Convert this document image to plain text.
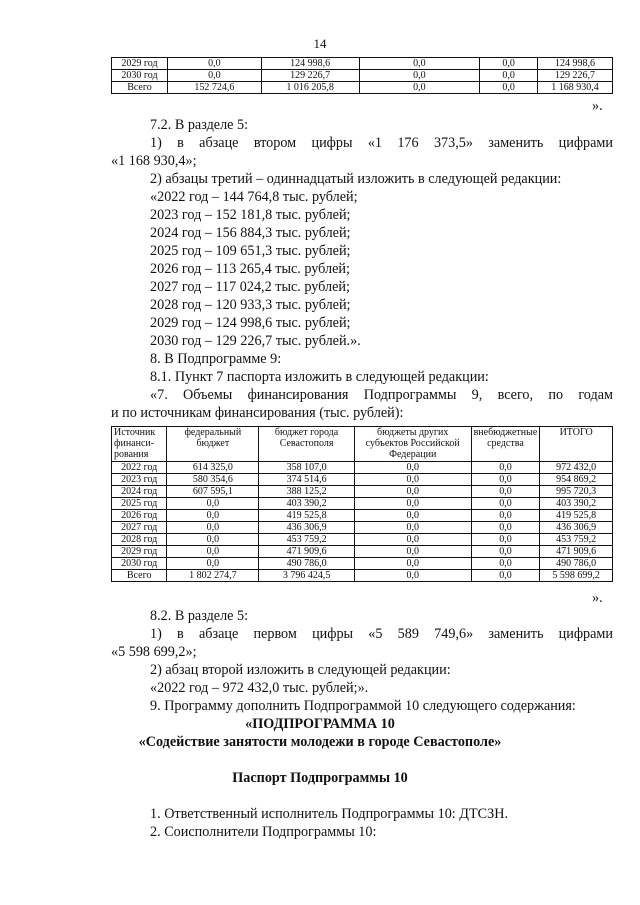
14
2029 год	0,0	124 998,6	0,0	0,0	124 998,6
2030 год	0,0	129 226,7	0,0	0,0	129 226,7
Всего	152 724,6	1 016 205,8	0,0	0,0	1 168 930,4
».
7.2. В разделе 5:
1) в абзаце втором цифры «1 176 373,5» заменить цифрами
«1 168 930,4»;
2) абзацы третий – одиннадцатый изложить в следующей редакции:
«2022 год – 144 764,8 тыс. рублей;
2023 год – 152 181,8 тыс. рублей;
2024 год – 156 884,3 тыс. рублей;
2025 год – 109 651,3 тыс. рублей;
2026 год – 113 265,4 тыс. рублей;
2027 год – 117 024,2 тыс. рублей;
2028 год – 120 933,3 тыс. рублей;
2029 год – 124 998,6 тыс. рублей;
2030 год – 129 226,7 тыс. рублей.».
8. В Подпрограмме 9:
8.1. Пункт 7 паспорта изложить в следующей редакции:
«7. Объемы финансирования Подпрограммы 9, всего, по годам
и по источникам финансирования (тыс. рублей):
Источник финанси- рования	федеральный бюджет	бюджет города Севастополя	бюджеты других субъектов Российской Федерации	внебюджетные средства	ИТОГО
2022 год	614 325,0	358 107,0	0,0	0,0	972 432,0
2023 год	580 354,6	374 514,6	0,0	0,0	954 869,2
2024 год	607 595,1	388 125,2	0,0	0,0	995 720,3
2025 год	0,0	403 390,2	0,0	0,0	403 390,2
2026 год	0,0	419 525,8	0,0	0,0	419 525,8
2027 год	0,0	436 306,9	0,0	0,0	436 306,9
2028 год	0,0	453 759,2	0,0	0,0	453 759,2
2029 год	0,0	471 909,6	0,0	0,0	471 909,6
2030 год	0,0	490 786,0	0,0	0,0	490 786,0
Всего	1 802 274,7	3 796 424,5	0,0	0,0	5 598 699,2
».
8.2. В разделе 5:
1) в абзаце первом цифры «5 589 749,6» заменить цифрами
«5 598 699,2»;
2) абзац второй изложить в следующей редакции:
«2022 год – 972 432,0 тыс. рублей;».
9. Программу дополнить Подпрограммой 10 следующего содержания:
«ПОДПРОГРАММА 10
«Содействие занятости молодежи в городе Севастополе»
Паспорт Подпрограммы 10
1. Ответственный исполнитель Подпрограммы 10: ДТСЗН.
2. Соисполнители Подпрограммы 10:
